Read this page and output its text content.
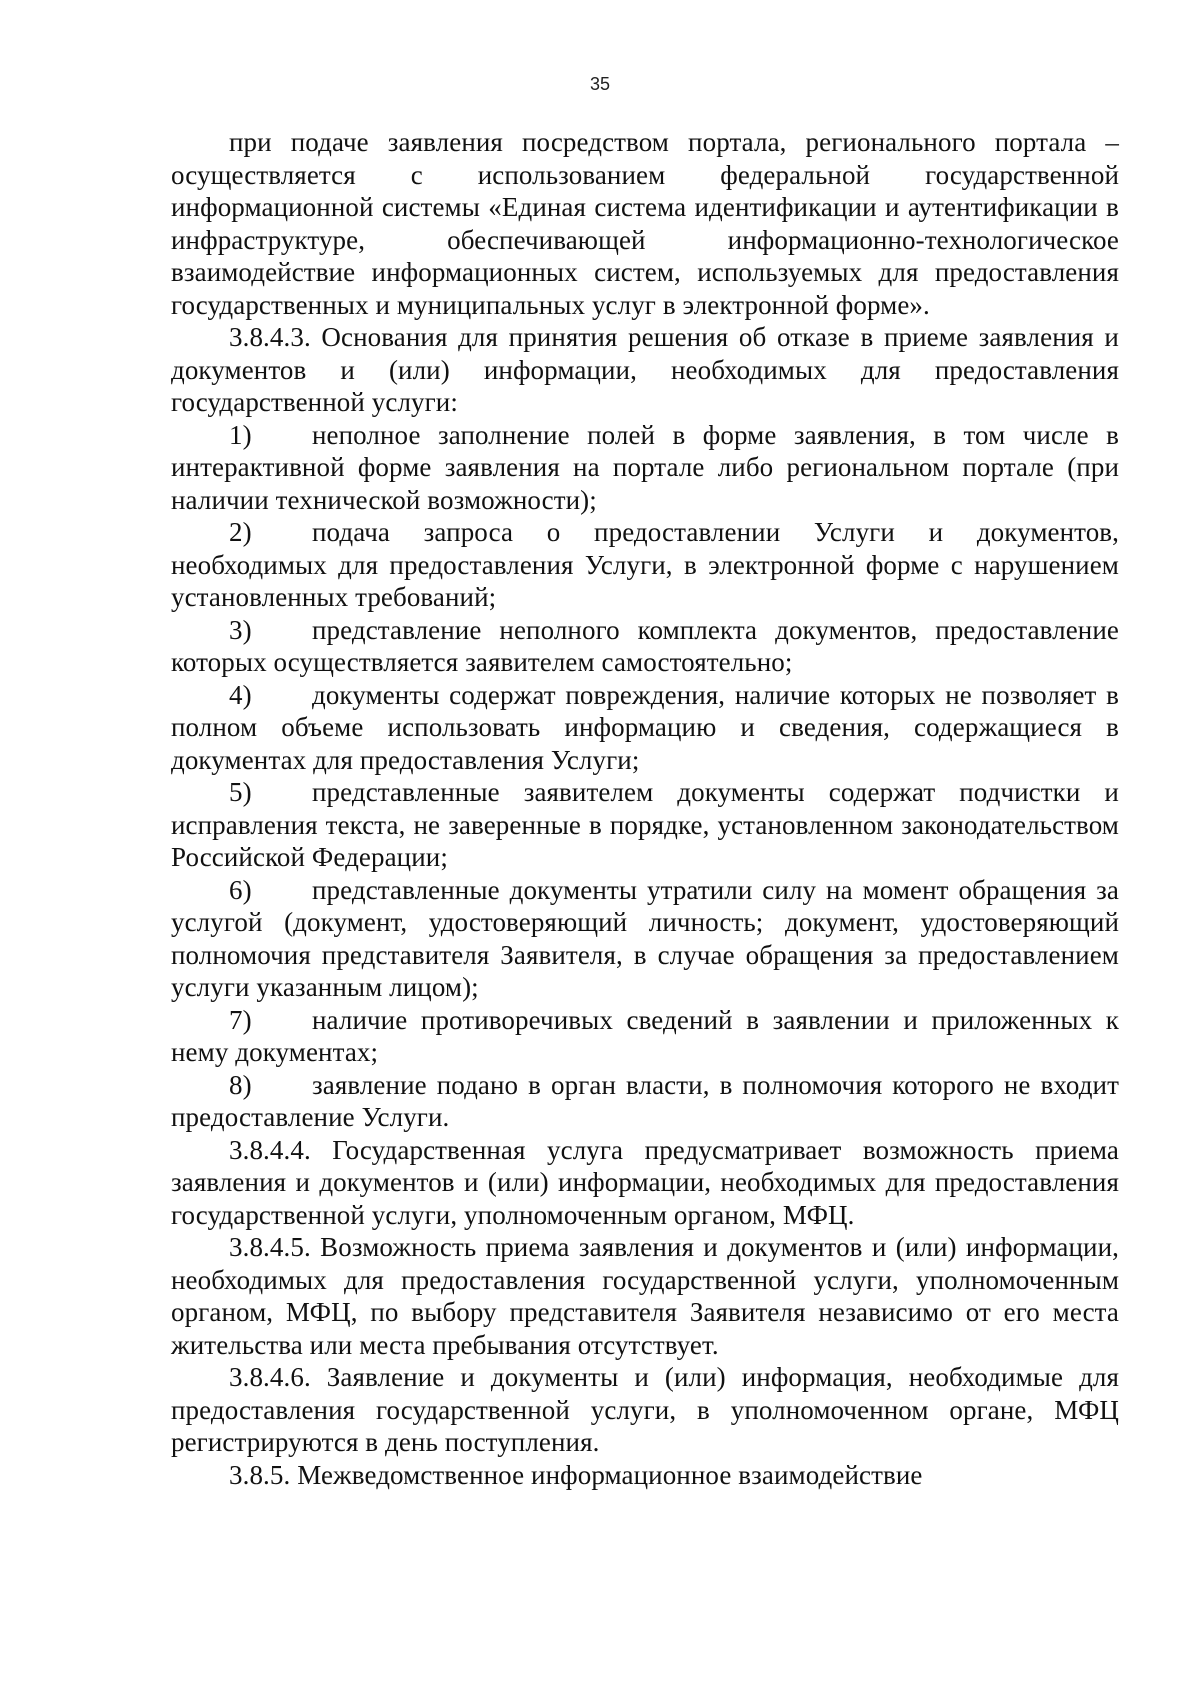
35

при подаче заявления посредством портала, регионального портала – осуществляется с использованием федеральной государственной информационной системы «Единая система идентификации и аутентификации в инфраструктуре, обеспечивающей информационно-технологическое взаимодействие информационных систем, используемых для предоставления государственных и муниципальных услуг в электронной форме».

3.8.4.3. Основания для принятия решения об отказе в приеме заявления и документов и (или) информации, необходимых для предоставления государственной услуги:

1) неполное заполнение полей в форме заявления, в том числе в интерактивной форме заявления на портале либо региональном портале (при наличии технической возможности);

2) подача запроса о предоставлении Услуги и документов, необходимых для предоставления Услуги, в электронной форме с нарушением установленных требований;

3) представление неполного комплекта документов, предоставление которых осуществляется заявителем самостоятельно;

4) документы содержат повреждения, наличие которых не позволяет в полном объеме использовать информацию и сведения, содержащиеся в документах для предоставления Услуги;

5) представленные заявителем документы содержат подчистки и исправления текста, не заверенные в порядке, установленном законодательством Российской Федерации;

6) представленные документы утратили силу на момент обращения за услугой (документ, удостоверяющий личность; документ, удостоверяющий полномочия представителя Заявителя, в случае обращения за предоставлением услуги указанным лицом);

7) наличие противоречивых сведений в заявлении и приложенных к нему документах;

8) заявление подано в орган власти, в полномочия которого не входит предоставление Услуги.

3.8.4.4. Государственная услуга предусматривает возможность приема заявления и документов и (или) информации, необходимых для предоставления государственной услуги, уполномоченным органом, МФЦ.

3.8.4.5. Возможность приема заявления и документов и (или) информации, необходимых для предоставления государственной услуги, уполномоченным органом, МФЦ, по выбору представителя Заявителя независимо от его места жительства или места пребывания отсутствует.

3.8.4.6. Заявление и документы и (или) информация, необходимые для предоставления государственной услуги, в уполномоченном органе, МФЦ регистрируются в день поступления.

3.8.5. Межведомственное информационное взаимодействие
